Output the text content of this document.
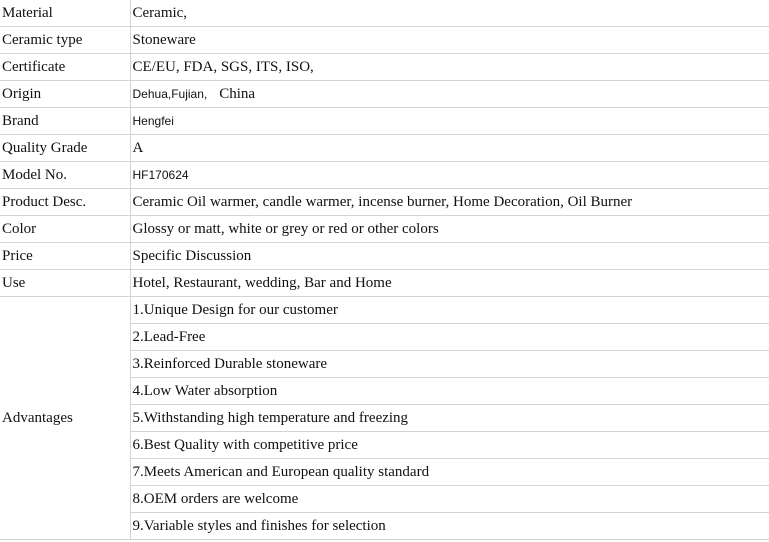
Material	Ceramic,
Ceramic type	Stoneware
Certificate	CE/EU, FDA, SGS, ITS, ISO,
Origin	Dehua,Fujian, China
Brand	Hengfei
Quality Grade	A
Model No.	HF170624
Product Desc.	Ceramic Oil warmer, candle warmer, incense burner, Home Decoration, Oil Burner
Color	Glossy or matt, white or grey or red or other colors
Price	Specific Discussion
Use	Hotel, Restaurant, wedding, Bar and Home
Advantages	1.Unique Design for our customer
	2.Lead-Free
	3.Reinforced Durable stoneware
	4.Low Water absorption
	5.Withstanding high temperature and freezing
	6.Best Quality with competitive price
	7.Meets American and European quality standard
	8.OEM orders are welcome
	9.Variable styles and finishes for selection
